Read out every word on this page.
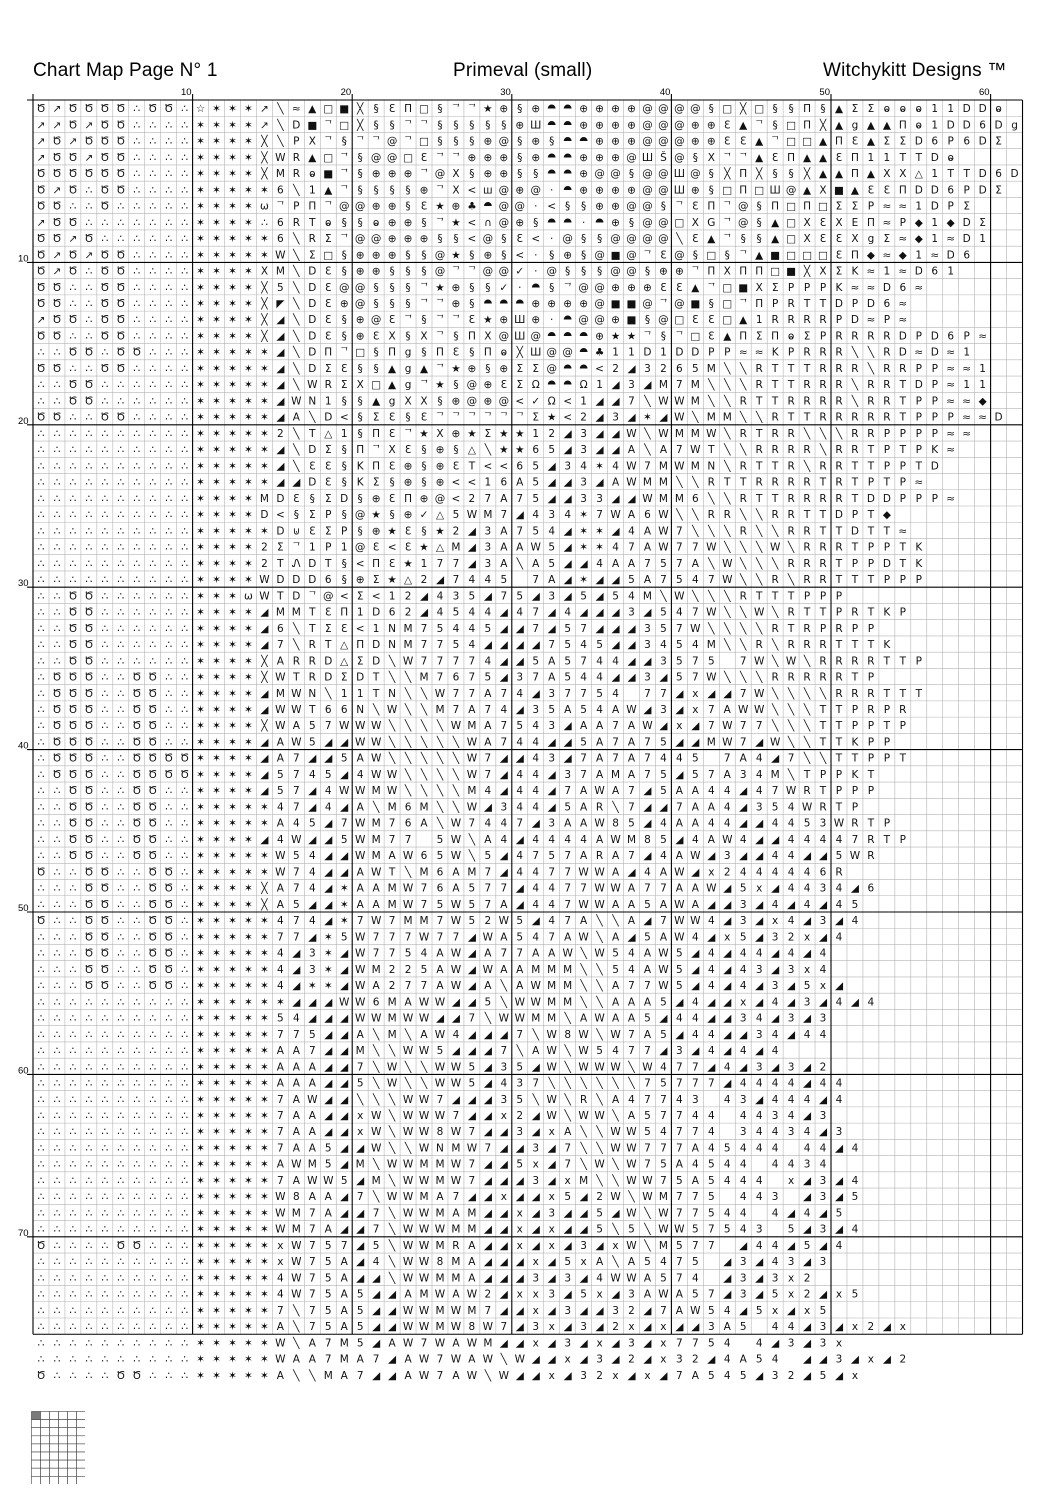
Chart Map Page N° 1	Primeval (small)	Witchykitt Designs ™
Ծ ↗ Ծ Ծ Ծ Ծ ∴ Ծ Ծ ∴ ☆ ✶ ✶ ✶ ↗ ╲ ≈ ▲ □ ■ ╳ § Ɛ Π □ § ᄀ ᄀ ★ ⊕ § ⊕ ⯊ ⯊ ⊕ ⊕ ⊕ ⊕ @ @ @ @ § □ ╳ □ § § Π § ▲ Σ Σ ⱺ ⱺ ⱺ 1 1 D D ⱺ
↗ ↗ Ծ ↗ Ծ Ծ ∴ ∴ ∴ ∴ ✶ ✶ ✶ ✶ ↗ ╲ D ■ ᄀ □ ╳ § § ᄀ ᄀ § § § § § ⊕ Ш ⯊ ⯊ ⊕ ⊕ ⊕ ⊕ @ @ @ ⊕ ⊕ Ɛ ▲ ᄀ § □ Π ╳ ▲ g ▲ ▲ Π ⱺ 1 D D 6 D g
↗ Ծ ↗ Ծ Ծ Ծ ∴ ∴ ∴ ∴ ✶ ✶ ✶ ✶ ╳ ╲ P Χ ᄀ § ᄀ ᄀ @ ᄀ □ § § § ⊕ @ § ⊕ § ⯊ ⯊ ⊕ ⊕ ⊕ @ @ @ ⊕ ⊕ Ɛ Ɛ ▲ ᄀ □ □ ▲ Π Ɛ ▲ Σ Σ D 6 P 6 D Σ
↗ Ծ Ծ ↗ Ծ Ծ ∴ ∴ ∴ ∴ ✶ ✶ ✶ ✶ ╳ W R ▲ □ ᄀ § @ @ □ Ɛ ᄀ ᄀ ⊕ ⊕ ⊕ § ⊕ ⯊ ⯊ ⊕ ⊕ ⊕ @ Ш Š @ § Χ ᄀ ᄀ ▲ Ɛ Π ▲ ▲ Ɛ Π 1 1 T T D ⱺ
Ծ Ծ Ծ Ծ Ծ Ծ ∴ ∴ ∴ ∴ ✶ ✶ ✶ ✶ ╳ M R ⱺ ■ ᄀ § ⊕ ⊕ ⊕ ᄀ @ Χ § ⊕ ⊕ § § ⯊ ⯊ ⊕ @ @ § @ @ Ш @ § ╳ Π ╳ § § ╳ ▲ ▲ Π ▲ Χ Χ △ 1 T T D 6 D
Ծ ↗ Ծ ∴ Ծ Ծ ∴ ∴ ∴ ∴ ✶ ✶ ✶ ✶ ✶ 6 ╲ 1 ▲ ᄀ § § § § ⊕ ᄀ Χ < ш @ ⊕ @ · ⯊ ⊕ ⊕ ⊕ ⊕ @ @ Ш ⊕ § □ Π □ Ш @ ▲ Χ ■ ▲ Ɛ Ɛ Π D D 6 P D Σ
Ծ Ծ ∴ ∴ Ծ ∴ ∴ ∴ ∴ ∴ ✶ ✶ ✶ ✶ ω ᄀ P Π ᄀ @ @ ⊕ ⊕ § Ɛ ★ ⊕ ♣ ⯊ @ @ · < § § ⊕ ⊕ @ @ § ᄀ Ɛ Π ᄀ @ § Π □ Π □ Σ Σ P ≈ ≈ 1 D P Σ
↗ Ծ Ծ ∴ ∴ ∴ ∴ ∴ ∴ ∴ ✶ ✶ ✶ ✶ ∴ 6 R T ⱺ § § ⱺ ⊕ ⊕ § ᄀ ★ < ∩ @ ⊕ § ⯊ ⯊ · ⯊ ⊕ § @ @ □ Χ G ᄀ @ § ▲ □ Χ Ɛ Χ Ε Π ≈ P ◆ 1 ◆ D Σ
Ծ Ծ ↗ Ծ ∴ ∴ ∴ ∴ ∴ ∴ ✶ ✶ ✶ ✶ ✶ 6 ╲ R Σ ᄀ @ @ ⊕ ⊕ ⊕ § § < @ § Ɛ < · @ § § @ @ @ @ ╲ Ɛ ▲ ᄀ § § ▲ □ Χ Ɛ Ɛ Χ g Σ ≈ ◆ 1 ≈ D 1
Ծ ↗ Ծ ↗ Ծ Ծ ∴ ∴ ∴ ∴ ✶ ✶ ✶ ✶ ✶ W ╲ Σ □ § ⊕ ⊕ ⊕ § § @ ★ § ⊕ § < · § ⊕ § @ ■ @ ᄀ Ɛ @ § □ § ᄀ ▲ ■ □ □ □ Ɛ Π ◆ ≈ ◆ 1 ≈ D 6
Ծ ↗ Ծ ∴ Ծ Ծ ∴ ∴ ∴ ∴ ✶ ✶ ✶ ✶ Χ M ╲ D Ɛ § ⊕ ⊕ § § § @ ᄀ ᄀ @ @ ✓ · @ § § § @ @ § ⊕ ⊕ ᄀ Π Χ Π Π □ ■ ╳ Χ Σ K ≈ 1 ≈ D 6 1
Ծ Ծ ∴ ∴ Ծ Ծ ∴ ∴ ∴ ∴ ✶ ✶ ✶ ✶ ╳ 5 ╲ D Ɛ @ @ § § § ᄀ ★ ⊕ § § ✓ · ⯊ § ᄀ @ @ ⊕ ⊕ ⊕ Ɛ Ɛ ▲ ᄀ □ ■ Χ Σ P P P K ≈ ≈ D 6 ≈
Ծ Ծ ∴ ∴ Ծ Ծ ∴ ∴ ∴ ∴ ✶ ✶ ✶ ✶ ╳ ◤ ╲ D Ɛ ⊕ @ § § § ᄀ ᄀ ⊕ § ⯊ ⯊ ⯊ ⊕ ⊕ ⊕ ⊕ @ ■ ■ @ ᄀ @ ■ § □ ᄀ Π P R T T D P D 6 ≈
↗ Ծ Ծ ∴ Ծ Ծ ∴ ∴ ∴ ∴ ✶ ✶ ✶ ✶ ╳ ◢ ╲ D Ɛ § ⊕ @ Ɛ ᄀ § ᄀ ᄀ Ɛ ★ ⊕ Ш ⊕ · ⯊ @ @ ⊕ ■ § @ □ Ɛ Ɛ □ ▲ 1 R R R R P D ≈ P ≈
Ծ Ծ ∴ ∴ Ծ Ծ ∴ ∴ ∴ ∴ ✶ ✶ ✶ ✶ ╳ ◢ ╲ D Ɛ § ⊕ Ɛ Χ § Χ ᄀ § Π Χ @ Ш @ ⯊ ⯊ ⯊ ⊕ ★ ★ ᄀ § ᄀ □ Ɛ ▲ Π Σ Π ⱺ Σ P R R R R D P D 6 P ≈
∴ ∴ Ծ Ծ ∴ Ծ Ծ ∴ ∴ ∴ ✶ ✶ ✶ ✶ ✶ ◢ ╲ D Π ᄀ □ § Π g § Π Ɛ § Π ⱺ ╳ Ш @ @ ⯊ ♣ 1 1 D 1 D D P P ≈ ≈ K P R R R ╲ ╲ R D ≈ D ≈ 1
Ծ Ծ ∴ ∴ Ծ Ծ ∴ ∴ ∴ ∴ ✶ ✶ ✶ ✶ ✶ ◢ ╲ D Σ Ɛ § § ▲ g ▲ ᄀ ★ ⊕ § ⊕ Σ Σ @ ⯊ ⯊ < 2 ◢ 3 2 6 5 M ╲ ╲ R T T T R R R ╲ R R P P ≈ ≈ 1
∴ ∴ Ծ Ծ ∴ ∴ ∴ ∴ ∴ ∴ ✶ ✶ ✶ ✶ ✶ ◢ ╲ W R Σ Χ □ ▲ g ᄀ ★ § @ ⊕ Ɛ Σ Ω ⯊ ⯊ Ω 1 ◢ 3 ◢ M 7 M ╲ ╲ ╲ R T T R R R ╲ R R T D P ≈ 1 1
∴ ∴ Ծ Ծ ∴ ∴ ∴ ∴ ∴ ∴ ✶ ✶ ✶ ✶ ✶ ◢ W N 1 § § ▲ g Χ Χ § ⊕ @ ⊕ @ < ✓ Ω < 1 ◢ ◢ 7 ╲ W W M ╲ ╲ R T T R R R R ╲ R R T P P ≈ ≈ ◆
Ծ Ծ ∴ ∴ Ծ Ծ ∴ ∴ ∴ ∴ ✶ ✶ ✶ ✶ ✶ ◢ A ╲ D < § Σ Ɛ § Ɛ ᄀ ᄀ ᄀ ᄀ ᄀ ᄀ Σ ★ < 2 ◢ 3 ◢ ✶ ◢ W ╲ M M ╲ ╲ R T T R R R R R T P P P ≈ ≈ D
∴ ∴ ∴ ∴ ∴ ∴ ∴ ∴ ∴ ∴ ✶ ✶ ✶ ✶ ✶ 2 ╲ T △ 1 § Π Ɛ ᄀ ★ Χ ⊕ ★ Σ ★ ★ 1 2 ◢ 3 ◢ ◢ W ╲ W M M W ╲ R T R R ╲ ╲ ╲ R R P P P P ≈ ≈
∴ ∴ ∴ ∴ ∴ ∴ ∴ ∴ ∴ ∴ ✶ ✶ ✶ ✶ ✶ ◢ ╲ D Σ § Π ᄀ Χ Ɛ § ⊕ § △ ╲ ★ ★ 6 5 ◢ 3 ◢ ◢ A ╲ A 7 W T ╲ ╲ R R R R ╲ R R T P T P K ≈
∴ ∴ ∴ ∴ ∴ ∴ ∴ ∴ ∴ ∴ ✶ ✶ ✶ ✶ ✶ ◢ ╲ Ɛ Ɛ § K Π Ɛ ⊕ § ⊕ Ɛ T < < 6 5 ◢ 3 4 ✶ 4 W 7 M W M N ╲ R T T R ╲ R R T T P P T D
∴ ∴ ∴ ∴ ∴ ∴ ∴ ∴ ∴ ∴ ✶ ✶ ✶ ✶ ✶ ◢ ◢ D Ɛ § K Σ § ⊕ § ⊕ < < 1 6 A 5 ◢ ◢ 3 ◢ A W M M ╲ ╲ R T T R R R R T R T P T P ≈
∴ ∴ ∴ ∴ ∴ ∴ ∴ ∴ ∴ ∴ ✶ ✶ ✶ ✶ M D Ɛ § Σ D § ⊕ Ɛ Π ⊕ @ < 2 7 A 7 5 ◢ ◢ 3 3 ◢ ◢ W M M 6 ╲ ╲ R T T R R R R T D D P P P ≈
∴ ∴ ∴ ∴ ∴ ∴ ∴ ∴ ∴ ∴ ✶ ✶ ✶ ✶ D < § Σ P § @ ★ § ⊕ ✓ △ 5 W M 7 ◢ 4 3 4 ✶ 7 W A 6 W ╲ ╲ R R ╲ ╲ R R T T D P T ◆
∴ ∴ ∴ ∴ ∴ ∴ ∴ ∴ ∴ ∴ ✶ ✶ ✶ ✶ ✶ D ⊍ Ɛ Σ P § ⊕ ★ Ɛ § ★ 2 ◢ 3 A 7 5 4 ◢ ✶ ✶ ◢ 4 A W 7 ╲ ╲ ╲ R ╲ ╲ R R T T D T T ≈
∴ ∴ ∴ ∴ ∴ ∴ ∴ ∴ ∴ ∴ ✶ ✶ ✶ ✶ 2 Σ ᄀ 1 P 1 @ Ɛ < Ɛ ★ △ M ◢ 3 A A W 5 ◢ ✶ ✶ 4 7 A W 7 7 W ╲ ╲ ╲ W ╲ R R R T P P T K
∴ ∴ ∴ ∴ ∴ ∴ ∴ ∴ ∴ ∴ ✶ ✶ ✶ ✶ 2 T Ꮑ D T § < Π Ɛ ★ 1 7 7 ◢ 3 A ╲ A 5 ◢ ◢ 4 A A 7 5 7 A ╲ W ╲ ╲ ╲ R R R T P P D T K
∴ ∴ ∴ ∴ ∴ ∴ ∴ ∴ ∴ ∴ ✶ ✶ ✶ ✶ W D D D 6 § ⊕ Σ ★ △ 2 ◢ 7 4 4 5 7 A ◢ ✶ ◢ ◢ 5 A 7 5 4 7 W ╲ ╲ R ╲ R R T T T P P P
∴ ∴ Ծ Ծ ∴ ∴ ∴ ∴ ∴ ∴ ✶ ✶ ✶ ω W T D ᄀ @ < Σ < 1 2 ◢ 4 3 5 ◢ 7 5 ◢ 3 ◢ 5 ◢ 5 4 M ╲ W ╲ ╲ ╲ R T T T P P P
∴ ∴ Ծ Ծ ∴ ∴ ∴ ∴ ∴ ∴ ✶ ✶ ✶ ✶ ◢ M M T Ɛ Π 1 D 6 2 ◢ 4 5 4 4 ◢ 4 7 ◢ 4 ◢ ◢ ◢ 3 ◢ 5 4 7 W ╲ ╲ W ╲ R T T P R T K P
∴ ∴ Ծ Ծ ∴ ∴ ∴ ∴ ∴ ∴ ✶ ✶ ✶ ✶ ◢ 6 ╲ T Σ Ɛ < 1 N M 7 5 4 4 5 ◢ ◢ 7 ◢ 5 7 ◢ ◢ ◢ 3 5 7 W ╲ ╲ ╲ ╲ R T R P R P P
∴ ∴ Ծ Ծ ∴ ∴ ∴ ∴ ∴ ∴ ✶ ✶ ✶ ✶ ◢ 7 ╲ R T △ Π D N M 7 7 5 4 ◢ ◢ ◢ ◢ 7 5 4 5 ◢ ◢ 3 4 5 4 M ╲ ╲ R ╲ R R R T T T K
∴ ∴ Ծ Ծ ∴ ∴ ∴ ∴ ∴ ∴ ✶ ✶ ✶ ✶ ╳ A R R D △ Σ D ╲ W 7 7 7 7 4 ◢ ◢ 5 A 5 7 4 4 ◢ ◢ 3 5 7 5 7 W ╲ W ╲ R R R R T T P
∴ Ծ Ծ Ծ ∴ ∴ Ծ Ծ ∴ ∴ ✶ ✶ ✶ ✶ ╳ W T R D Σ D T ╲ ╲ M 7 6 7 5 ◢ 3 7 A 5 4 4 ◢ ◢ 3 ◢ 5 7 W ╲ ╲ ╲ R R R R R T P
∴ Ծ Ծ Ծ ∴ ∴ Ծ Ծ ∴ ∴ ✶ ✶ ✶ ✶ ◢ M W N ╲ 1 1 T N ╲ ╲ W 7 7 A 7 4 ◢ 3 7 7 5 4 7 7 ◢ x ◢ ◢ 7 W ╲ ╲ ╲ ╲ R R R T T T
∴ Ծ Ծ Ծ ∴ ∴ Ծ Ծ ∴ ∴ ✶ ✶ ✶ ✶ ◢ W W T 6 6 N ╲ W ╲ ╲ M 7 A 7 4 ◢ 3 5 A 5 4 A W ◢ 3 ◢ x 7 A W W ╲ ╲ ╲ T T P R P R
∴ Ծ Ծ Ծ ∴ ∴ Ծ Ծ ∴ ∴ ✶ ✶ ✶ ✶ ╳ W A 5 7 W W W ╲ ╲ ╲ ╲ W M A 7 5 4 3 ◢ A A 7 A W ◢ x ◢ 7 W 7 7 ╲ ╲ ╲ T T P P T P
∴ Ծ Ծ Ծ ∴ ∴ Ծ Ծ ∴ ∴ ✶ ✶ ✶ ✶ ◢ A W 5 ◢ ◢ W W ╲ ╲ ╲ ╲ ╲ W A 7 4 4 ◢ ◢ 5 A 7 A 7 5 ◢ ◢ M W 7 ◢ W ╲ ╲ T T K P P
∴ Ծ Ծ Ծ ∴ ∴ Ծ Ծ Ծ Ծ ✶ ✶ ✶ ✶ ◢ A 7 ◢ ◢ 5 A W ╲ ╲ ╲ ╲ ╲ W 7 ◢ ◢ 4 3 ◢ 7 A 7 A 7 4 4 5 7 A 4 ◢ 7 ╲ ╲ T T P P T
∴ Ծ Ծ Ծ ∴ ∴ Ծ Ծ Ծ Ծ ✶ ✶ ✶ ✶ ◢ 5 7 4 5 ◢ 4 W W ╲ ╲ ╲ ╲ W 7 ◢ 4 4 ◢ 3 7 A M A 7 5 ◢ 5 7 A 3 4 M ╲ T P P K T
∴ ∴ Ծ Ծ ∴ ∴ Ծ Ծ ∴ ∴ ✶ ✶ ✶ ✶ ◢ 5 7 ◢ 4 W W M W ╲ ╲ ╲ ╲ M 4 ◢ 4 4 ◢ 7 A W A 7 ◢ 5 A A 4 4 ◢ 4 7 W R T P P P
∴ ∴ Ծ Ծ ∴ ∴ Ծ Ծ ∴ ∴ ✶ ✶ ✶ ✶ ✶ 4 7 ◢ 4 ◢ A ╲ M 6 M ╲ ╲ W ◢ 3 4 4 ◢ 5 A R ╲ 7 ◢ ◢ 7 A A 4 ◢ 3 5 4 W R T P
∴ ∴ Ծ Ծ ∴ ∴ Ծ Ծ ∴ ∴ ✶ ✶ ✶ ✶ ✶ A 4 5 ◢ 7 W M 7 6 A ╲ W 7 4 4 7 ◢ 3 A A W 8 5 ◢ 4 A A 4 4 ◢ ◢ 4 4 5 3 W R T P
∴ ∴ Ծ Ծ ∴ ∴ Ծ Ծ ∴ ∴ ✶ ✶ ✶ ✶ ◢ 4 W ◢ ◢ 5 W M 7 7 5 W ╲ A 4 ◢ 4 4 4 4 A W M 8 5 ◢ 4 A W 4 ◢ ◢ 4 4 4 4 7 R T P
∴ ∴ Ծ Ծ ∴ ∴ Ծ Ծ ∴ ∴ ✶ ✶ ✶ ✶ ✶ W 5 4 ◢ ◢ W M A W 6 5 W ╲ 5 ◢ 4 7 5 7 A R A 7 ◢ 4 A W ◢ 3 ◢ ◢ 4 4 ◢ ◢ 5 W R
Ծ ∴ ∴ Ծ Ծ ∴ ∴ Ծ Ծ ∴ ✶ ✶ ✶ ✶ ✶ W 7 4 ◢ ◢ A W T ╲ M 6 A M 7 ◢ 4 4 7 7 W W A ◢ 4 A W ◢ x 2 4 4 4 4 4 6 R
∴ ∴ ∴ Ծ Ծ ∴ ∴ Ծ Ծ ∴ ✶ ✶ ✶ ✶ ╳ A 7 4 ◢ ✶ A A M W 7 6 A 5 7 7 ◢ 4 4 7 7 W W A 7 7 A A W ◢ 5 x ◢ 4 4 3 4 ◢ 6
∴ ∴ ∴ Ծ Ծ ∴ ∴ Ծ Ծ ∴ ✶ ✶ ✶ ✶ ╳ A 5 ◢ ◢ ✶ A A M W 7 5 W 5 7 A ◢ 4 4 7 W W A A 5 A W A ◢ ◢ 3 ◢ 4 ◢ 4 ◢ 4 5
Ծ ∴ ∴ Ծ Ծ ∴ ∴ Ծ Ծ ∴ ✶ ✶ ✶ ✶ ✶ 4 7 4 ◢ ✶ 7 W 7 M M 7 W 5 2 W 5 ◢ 4 7 A ╲ ╲ A ◢ 7 W W 4 ◢ 3 ◢ x 4 ◢ 3 ◢ 4
∴ ∴ ∴ Ծ Ծ ∴ ∴ Ծ Ծ ∴ ✶ ✶ ✶ ✶ ✶ 7 7 ◢ ✶ 5 W 7 7 7 W 7 7 ◢ W A 5 4 7 A W ╲ A ◢ 5 A W 4 ◢ x 5 ◢ 3 2 x ◢ 4
∴ ∴ ∴ Ծ Ծ ∴ ∴ Ծ Ծ ∴ ✶ ✶ ✶ ✶ ✶ 4 ◢ 3 ✶ ◢ W 7 7 5 4 A W ◢ A 7 7 A A W ╲ W 5 4 A W 5 ◢ 4 ◢ 4 4 ◢ 4 ◢ 4
∴ ∴ ∴ Ծ Ծ ∴ ∴ Ծ Ծ ∴ ✶ ✶ ✶ ✶ ✶ 4 ◢ 3 ✶ ◢ W M 2 2 5 A W ◢ W A A M M M ╲ ╲ 5 4 A W 5 ◢ 4 ◢ 4 3 ◢ 3 x 4
∴ ∴ ∴ Ծ Ծ ∴ ∴ Ծ Ծ ∴ ✶ ✶ ✶ ✶ ✶ 4 ◢ ✶ ✶ ◢ W A 2 7 7 A W ◢ A ╲ A W M M ╲ ╲ A 7 7 W 5 ◢ 4 ◢ 4 ◢ 3 ◢ 5 x ◢
∴ ∴ ∴ ∴ ∴ ∴ ∴ ∴ ∴ ∴ ✶ ✶ ✶ ✶ ✶ ✶ ◢ ◢ ◢ W W 6 M A W W ◢ ◢ 5 ╲ W W M M ╲ ╲ A A A 5 ◢ 4 ◢ ◢ x ◢ 4 ◢ 3 ◢ 4 ◢ 4
∴ ∴ ∴ ∴ ∴ ∴ ∴ ∴ ∴ ∴ ✶ ✶ ✶ ✶ ✶ 5 4 ◢ ◢ ◢ W W M W W ◢ ◢ 7 ╲ W W M M ╲ A W A A 5 ◢ 4 4 ◢ ◢ 3 4 ◢ 3 ◢ 3
∴ ∴ ∴ ∴ ∴ ∴ ∴ ∴ ∴ ∴ ✶ ✶ ✶ ✶ ✶ 7 7 5 ◢ ◢ A ╲ M ╲ A W 4 ◢ ◢ ◢ 7 ╲ W 8 W ╲ W 7 A 5 ◢ 4 4 ◢ ◢ 3 4 ◢ 4 4
∴ ∴ ∴ ∴ ∴ ∴ ∴ ∴ ∴ ∴ ✶ ✶ ✶ ✶ ✶ A A 7 ◢ ◢ M ╲ ╲ W W 5 ◢ ◢ ◢ 7 ╲ A W ╲ W 5 4 7 7 ◢ 3 ◢ 4 ◢ 4 ◢ 4
∴ ∴ ∴ ∴ ∴ ∴ ∴ ∴ ∴ ∴ ✶ ✶ ✶ ✶ ✶ A A A ◢ ◢ 7 ╲ W ╲ ╲ W W 5 ◢ 3 5 ◢ W ╲ W W W ╲ W 4 7 7 ◢ 4 ◢ 3 ◢ 3 ◢ 2
∴ ∴ ∴ ∴ ∴ ∴ ∴ ∴ ∴ ∴ ✶ ✶ ✶ ✶ ✶ A A A ◢ ◢ 5 ╲ W ╲ ╲ W W 5 ◢ 4 3 7 ╲ ╲ ╲ ╲ ╲ ╲ 7 5 7 7 7 ◢ 4 4 4 4 ◢ 4 4
∴ ∴ ∴ ∴ ∴ ∴ ∴ ∴ ∴ ∴ ✶ ✶ ✶ ✶ ✶ 7 A W ◢ ◢ ╲ ╲ ╲ W W 7 ◢ ◢ ◢ 3 5 ╲ W ╲ R ╲ A 4 7 7 4 3 4 3 ◢ 4 4 4 ◢ 4
∴ ∴ ∴ ∴ ∴ ∴ ∴ ∴ ∴ ∴ ✶ ✶ ✶ ✶ ✶ 7 A A ◢ ◢ x W ╲ W W W 7 ◢ ◢ x 2 ◢ W ╲ W W ╲ A 5 7 7 4 4 4 4 3 4 ◢ 3
∴ ∴ ∴ ∴ ∴ ∴ ∴ ∴ ∴ ∴ ✶ ✶ ✶ ✶ ✶ 7 A A ◢ ◢ x W ╲ W W 8 W 7 ◢ ◢ 3 ◢ x A ╲ ╲ W W 5 4 7 7 4 3 4 4 3 4 ◢ 3
∴ ∴ ∴ ∴ ∴ ∴ ∴ ∴ ∴ ∴ ✶ ✶ ✶ ✶ ✶ 7 A A 5 ◢ ◢ W ╲ ╲ W N M W 7 ◢ ◢ 3 ◢ 7 ╲ ╲ W W 7 7 7 A 4 5 4 4 4 4 4 ◢ 4
∴ ∴ ∴ ∴ ∴ ∴ ∴ ∴ ∴ ∴ ✶ ✶ ✶ ✶ ✶ A W M 5 ◢ M ╲ W W M M W 7 ◢ ◢ 5 x ◢ 7 ╲ W ╲ W 7 5 A 4 5 4 4 4 4 3 4
∴ ∴ ∴ ∴ ∴ ∴ ∴ ∴ ∴ ∴ ✶ ✶ ✶ ✶ ✶ 7 A W W 5 ◢ M ╲ W W M W 7 ◢ ◢ ◢ 3 ◢ x M ╲ ╲ W W 7 5 A 5 4 4 4 x ◢ 3 ◢ 4
∴ ∴ ∴ ∴ ∴ ∴ ∴ ∴ ∴ ∴ ✶ ✶ ✶ ✶ ✶ W 8 A A ◢ 7 ╲ W W M A 7 ◢ ◢ x ◢ ◢ x 5 ◢ 2 W ╲ W M 7 7 5 4 4 3 ◢ 3 ◢ 5
∴ ∴ ∴ ∴ ∴ ∴ ∴ ∴ ∴ ∴ ✶ ✶ ✶ ✶ ✶ W M 7 A ◢ ◢ 7 ╲ W W M A M ◢ ◢ x ◢ 3 ◢ ◢ 5 ◢ W ╲ W 7 7 5 4 4 4 ◢ 4 ◢ 5
∴ ∴ ∴ ∴ ∴ ∴ ∴ ∴ ∴ ∴ ✶ ✶ ✶ ✶ ✶ W M 7 A ◢ ◢ 7 ╲ W W W M M ◢ ◢ x ◢ x ◢ ◢ 5 ╲ 5 ╲ W W 5 7 5 4 3 5 ◢ 3 ◢ 4
Ծ ∴ ∴ ∴ ∴ Ծ Ծ ∴ ∴ ∴ ✶ ✶ ✶ ✶ ✶ x W 7 5 7 ◢ 5 ╲ W W M R A ◢ ◢ x ◢ x ◢ 3 ◢ x W ╲ M 5 7 7 ◢ 4 4 ◢ 5 ◢ 4
∴ ∴ ∴ ∴ ∴ ∴ ∴ ∴ ∴ ∴ ✶ ✶ ✶ ✶ ✶ x W 7 5 A ◢ 4 ╲ W W 8 M A ◢ ◢ ◢ x ◢ 5 x A ╲ A 5 4 7 5 ◢ 3 ◢ 4 3 ◢ 3
∴ ∴ ∴ ∴ ∴ ∴ ∴ ∴ ∴ ∴ ✶ ✶ ✶ ✶ ✶ 4 W 7 5 A ◢ ◢ ╲ W W M M A ◢ ◢ ◢ 3 ◢ 3 ◢ 4 W W A 5 7 4 ◢ 3 ◢ 3 x 2
∴ ∴ ∴ ∴ ∴ ∴ ∴ ∴ ∴ ∴ ✶ ✶ ✶ ✶ ✶ 4 W 7 5 A 5 ◢ ◢ A M W A W 2 ◢ x x 3 ◢ 5 x ◢ 3 A W A 5 7 ◢ 3 ◢ 5 x 2 ◢ x 5
∴ ∴ ∴ ∴ ∴ ∴ ∴ ∴ ∴ ∴ ✶ ✶ ✶ ✶ ✶ 7 ╲ 7 5 A 5 ◢ ◢ W W M W M 7 ◢ ◢ x ◢ 3 ◢ ◢ 3 2 ◢ 7 A W 5 4 ◢ 5 x ◢ x 5
∴ ∴ ∴ ∴ ∴ ∴ ∴ ∴ ∴ ∴ ✶ ✶ ✶ ✶ ✶ A ╲ 7 5 A 5 ◢ ◢ W W M W 8 W 7 ◢ 3 x ◢ 3 ◢ 2 x ◢ x ◢ ◢ 3 A 5 4 4 ◢ 3 ◢ x 2 ◢ x
∴ ∴ ∴ ∴ ∴ ∴ ∴ ∴ ∴ ∴ ✶ ✶ ✶ ✶ ✶ W ╲ A 7 M 5 ◢ A W 7 W A W M ◢ ◢ x ◢ 3 ◢ x ◢ 3 ◢ x 7 7 5 4 4 ◢ 3 ◢ 3 x
∴ ∴ ∴ ∴ ∴ ∴ ∴ ∴ ∴ ∴ ✶ ✶ ✶ ✶ ✶ W A A 7 M A 7 ◢ A W 7 W A W ╲ W ◢ ◢ x ◢ 3 ◢ 2 ◢ x 3 2 ◢ 4 A 5 4 ◢ ◢ 3 ◢ x ◢ 2
Ծ ∴ ∴ ∴ ∴ Ծ Ծ ∴ ∴ ∴ ✶ ✶ ✶ ✶ ✶ A ╲ ╲ M A 7 ◢ ◢ A W 7 A W ╲ W ◢ ◢ x ◢ 3 2 x ◢ x ◢ 7 A 5 4 5 ◢ 3 2 ◢ 5 ◢ x
10	20	30	40	50	60
10
20
30
40
50
60
70
